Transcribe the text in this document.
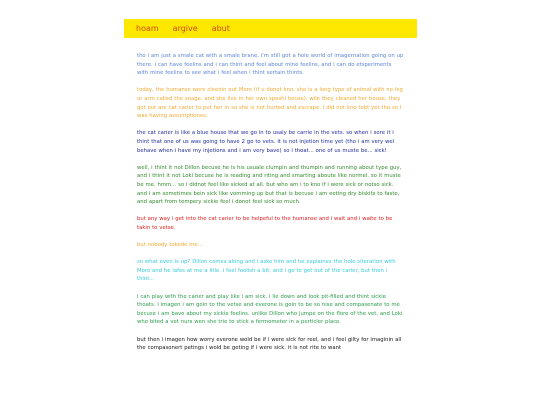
hoam argive abut

tho i am just a smale cat with a smale brane, i'm still got a hole world of imagernation going on up there. i can have feelins and i can thint and feel about mine feelins, and i can do etsperiments with mine feelins to see what i feel when i thint sertain thints.

today, the humanse were cleenin out Moro (if u donot kno, she is a long type of animal with no leg or arm called the snage, and she live in her own speshl house). wile they cleaned her house, they got out are cat carier to put her in so she is not hurted and escrape. I did not kno tobt yet tho so I was having assumptiones.

the cat carier is like a blue house that we go in to usaly be carrie in the vets. so when i sore it i thint that one of us was going to have 2 go to vets. it is not injetion time yet (tho i am very wel behave when i have my injetions and i am very bave) so i thoat... one of us muste be... sick!

well, i thint it not Dillon becuse he is his usuale clumpin and thumpin and running about type guy, and i thint it not Loki becuse he is reading and riting and smarting aboute like normel. so it muste be me. hmm... so i didnot feel like sicked at all. but who am i to kno if i were sick or notso sick. and i am sometimes bein sick like vomming up but that is becuse i am eeting dry biskits to faste, and apart from tempery sickie feel i donot feel sick so much.

but any way i get into the cat carier to be helpeful to the humanse and i wait and i waite to be takin to vetse.

but nobody tokede me...

so what even is up? Dillon comes along and i aske him and he explaines the hole siteration with Moro and he lafes at me a litle. i feel foolish a bit, and i go to get out of the carier, but then i thint...

i can play with the carier and play like i am sick. i lie down and look pit-filled and thint sickie thoats. i imagen i am goin to the vetse and everone is goin to be so nise and compasenate to me becuse i am bave about my sickie feelins. unlike Dillon who jumpe on the flore of the vet, and Loki who bited a vet nurs wen she trie to stick a fermometer in a perticler place.

but then i imagen how worry everone wold be if i were sick for reel, and i feel gilty for imaginin all the compasonert petings i wold be geting if i were sick. it is not rite to want
